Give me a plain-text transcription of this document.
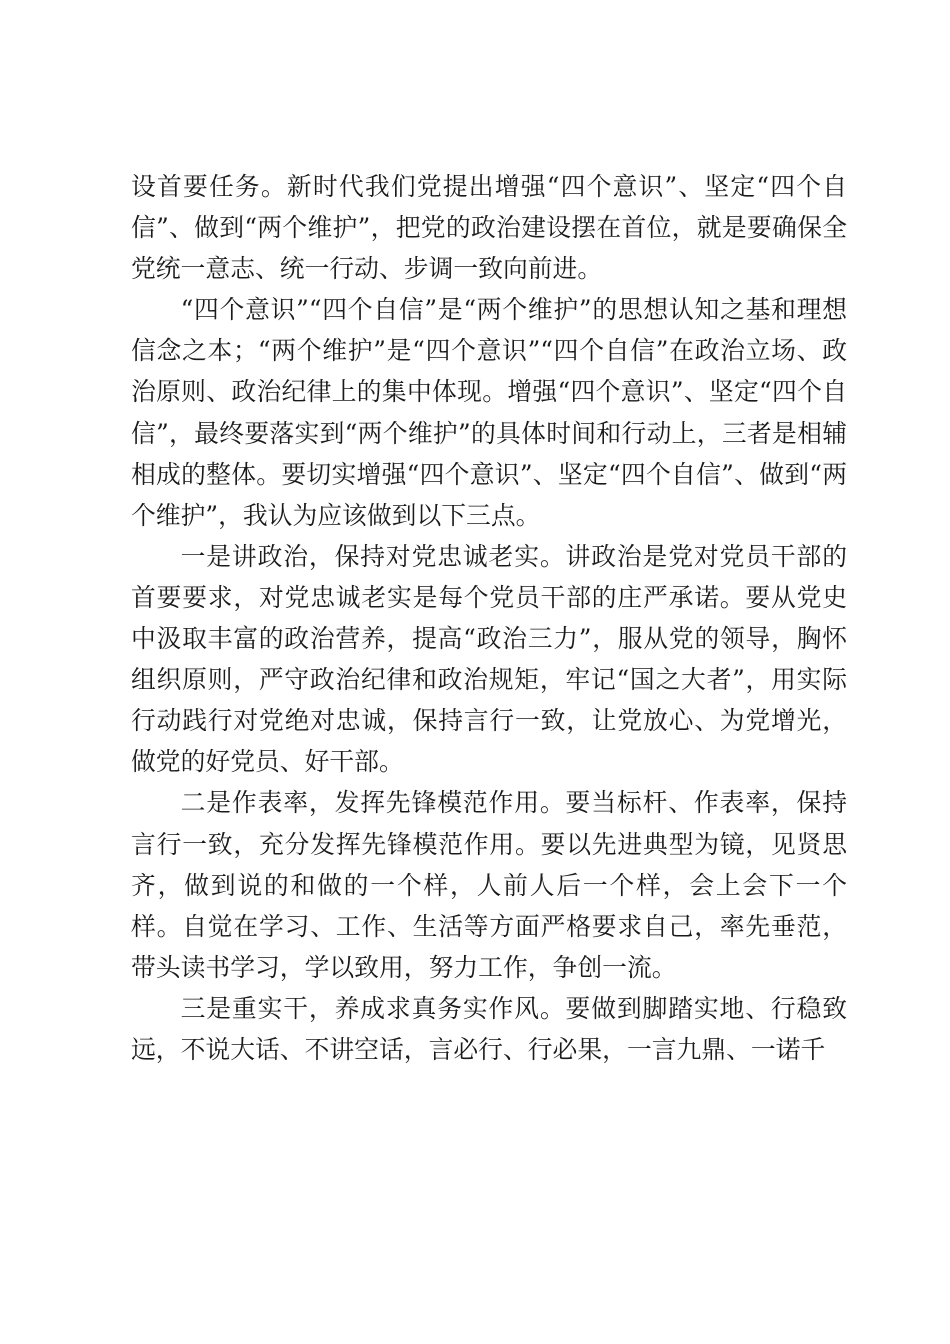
设首要任务。新时代我们党提出增强“四个意识”、坚定“四个自信”、做到“两个维护”，把党的政治建设摆在首位，就是要确保全党统一意志、统一行动、步调一致向前进。

“四个意识”“四个自信”是“两个维护”的思想认知之基和理想信念之本；“两个维护”是“四个意识”“四个自信”在政治立场、政治原则、政治纪律上的集中体现。增强“四个意识”、坚定“四个自信”，最终要落实到“两个维护”的具体时间和行动上，三者是相辅相成的整体。要切实增强“四个意识”、坚定“四个自信”、做到“两个维护”，我认为应该做到以下三点。

一是讲政治，保持对党忠诚老实。讲政治是党对党员干部的首要要求，对党忠诚老实是每个党员干部的庄严承诺。要从党史中汲取丰富的政治营养，提高“政治三力”，服从党的领导，胸怀组织原则，严守政治纪律和政治规矩，牢记“国之大者”，用实际行动践行对党绝对忠诚，保持言行一致，让党放心、为党增光，做党的好党员、好干部。

二是作表率，发挥先锋模范作用。要当标杆、作表率，保持言行一致，充分发挥先锋模范作用。要以先进典型为镜，见贤思齐，做到说的和做的一个样，人前人后一个样，会上会下一个样。自觉在学习、工作、生活等方面严格要求自己，率先垂范，带头读书学习，学以致用，努力工作，争创一流。

三是重实干，养成求真务实作风。要做到脚踏实地、行稳致远，不说大话、不讲空话，言必行、行必果，一言九鼎、一诺千
